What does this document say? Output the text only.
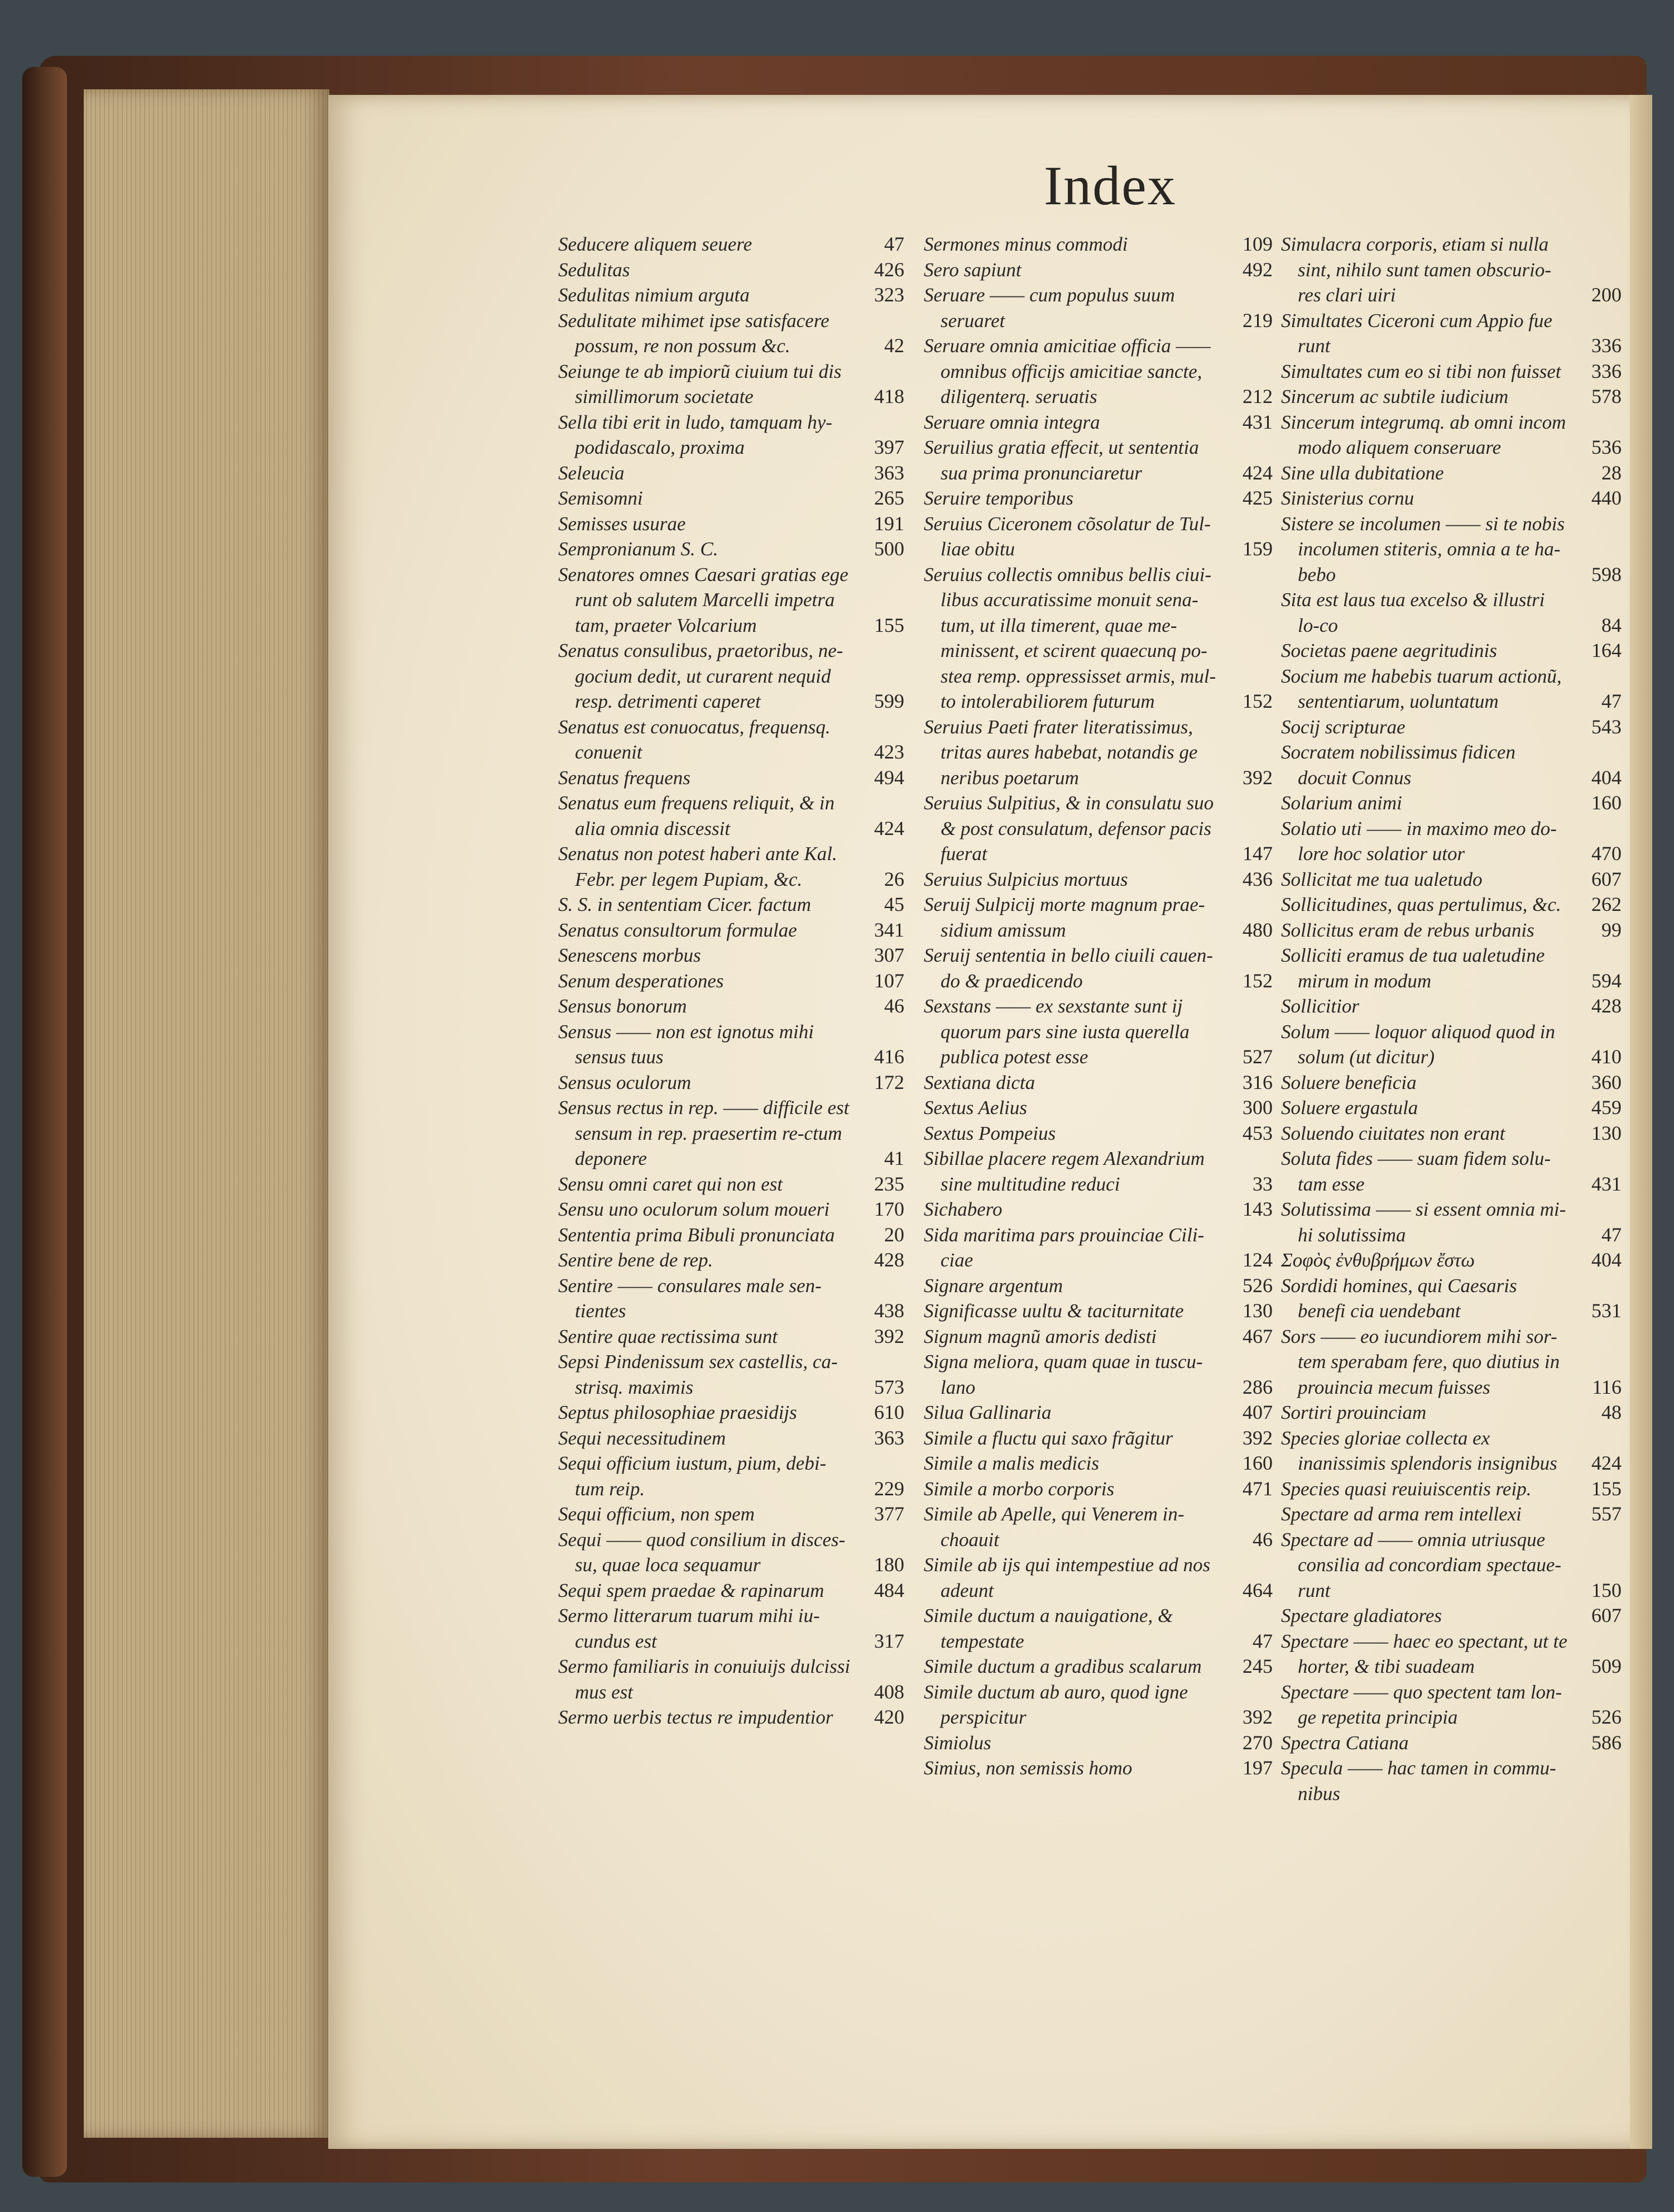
Index
Seducere aliquem seuere	47
Sedulitas	426
Sedulitas nimium arguta	323
Sedulitate mihimet ipse satisfacere possum, re non possum &c.	42
Seiunge te ab impiorũ ciuium tui dis simillimorum societate	418
Sella tibi erit in ludo, tamquam hy-podidascalo, proxima	397
Seleucia	363
Semisomni	265
Semisses usurae	191
Sempronianum S. C.	500
Senatores omnes Caesari gratias ege runt ob salutem Marcelli impetra tam, praeter Volcarium	155
Senatus consulibus, praetoribus, ne-gocium dedit, ut curarent nequid resp. detrimenti caperet	599
Senatus est conuocatus, frequensq. conuenit	423
Senatus frequens	494
Senatus eum frequens reliquit, & in alia omnia discessit	424
Senatus non potest haberi ante Kal. Febr. per legem Pupiam, &c.	26
S. S. in sententiam Cicer. factum	45
Senatus consultorum formulae	341
Senescens morbus	307
Senum desperationes	107
Sensus bonorum	46
Sensus —— non est ignotus mihi sensus tuus	416
Sensus oculorum	172
Sensus rectus in rep. —— difficile est sensum in rep. praesertim re-ctum deponere	41
Sensu omni caret qui non est	235
Sensu uno oculorum solum moueri	170
Sententia prima Bibuli pronunciata	20
Sentire bene de rep.	428
Sentire —— consulares male sen-tientes	438
Sentire quae rectissima sunt	392
Sepsi Pindenissum sex castellis, ca-strisq. maximis	573
Septus philosophiae praesidijs	610
Sequi necessitudinem	363
Sequi officium iustum, pium, debi-tum reip.	229
Sequi officium, non spem	377
Sequi —— quod consilium in disces-su, quae loca sequamur	180
Sequi spem praedae & rapinarum	484
Sermo litterarum tuarum mihi iu-cundus est	317
Sermo familiaris in conuiuijs dulcissi mus est	408
Sermo uerbis tectus re impudentior	420
Sermones minus commodi	109
Sero sapiunt	492
Seruare —— cum populus suum seruaret	219
Seruare omnia amicitiae officia —— omnibus officijs amicitiae sancte, diligenterq. seruatis	212
Seruare omnia integra	431
Seruilius gratia effecit, ut sententia sua prima pronunciaretur	424
Seruire temporibus	425
Seruius Ciceronem cõsolatur de Tul-liae obitu	159
Seruius collectis omnibus bellis ciui-libus accuratissime monuit sena-tum, ut illa timerent, quae me-minissent, et scirent quaecunq po-stea remp. oppressisset armis, mul-to intolerabiliorem futurum	152
Seruius Paeti frater literatissimus, tritas aures habebat, notandis ge neribus poetarum	392
Seruius Sulpitius, & in consulatu suo & post consulatum, defensor pacis fuerat	147
Seruius Sulpicius mortuus	436
Seruij Sulpicij morte magnum prae-sidium amissum	480
Seruij sententia in bello ciuili cauen-do & praedicendo	152
Sexstans —— ex sexstante sunt ij quorum pars sine iusta querella publica potest esse	527
Sextiana dicta	316
Sextus Aelius	300
Sextus Pompeius	453
Sibillae placere regem Alexandrium sine multitudine reduci	33
Sichabero	143
Sida maritima pars prouinciae Cili-ciae	124
Signare argentum	526
Significasse uultu & taciturnitate	130
Signum magnũ amoris dedisti	467
Signa meliora, quam quae in tuscu-lano	286
Silua Gallinaria	407
Simile a fluctu qui saxo frãgitur	392
Simile a malis medicis	160
Simile a morbo corporis	471
Simile ab Apelle, qui Venerem in-choauit	46
Simile ab ijs qui intempestiue ad nos adeunt	464
Simile ductum a nauigatione, & tempestate	47
Simile ductum a gradibus scalarum	245
Simile ductum ab auro, quod igne perspicitur	392
Simiolus	270
Simius, non semissis homo	197
Simulacra corporis, etiam si nulla sint, nihilo sunt tamen obscurio-res clari uiri	200
Simultates Ciceroni cum Appio fue runt	336
Simultates cum eo si tibi non fuisset	336
Sincerum ac subtile iudicium	578
Sincerum integrumq. ab omni incom modo aliquem conseruare	536
Sine ulla dubitatione	28
Sinisterius cornu	440
Sistere se incolumen —— si te nobis incolumen stiteris, omnia a te ha-bebo	598
Sita est laus tua excelso & illustri lo-co	84
Societas paene aegritudinis	164
Socium me habebis tuarum actionũ, sententiarum, uoluntatum	47
Socij scripturae	543
Socratem nobilissimus fidicen docuit Connus	404
Solarium animi	160
Solatio uti —— in maximo meo do-lore hoc solatior utor	470
Sollicitat me tua ualetudo	607
Sollicitudines, quas pertulimus, &c.	262
Sollicitus eram de rebus urbanis	99
Solliciti eramus de tua ualetudine mirum in modum	594
Sollicitior	428
Solum —— loquor aliquod quod in solum (ut dicitur)	410
Soluere beneficia	360
Soluere ergastula	459
Soluendo ciuitates non erant	130
Soluta fides —— suam fidem solu-tam esse	431
Solutissima —— si essent omnia mi-hi solutissima	47
Σοφὸς ἐνθυβρήμων ἔστω	404
Sordidi homines, qui Caesaris benefi cia uendebant	531
Sors —— eo iucundiorem mihi sor-tem sperabam fere, quo diutius in prouincia mecum fuisses	116
Sortiri prouinciam	48
Species gloriae collecta ex inanissimis splendoris insignibus	424
Species quasi reuiuiscentis reip.	155
Spectare ad arma rem intellexi	557
Spectare ad —— omnia utriusque consilia ad concordiam spectaue-runt	150
Spectare gladiatores	607
Spectare —— haec eo spectant, ut te horter, & tibi suadeam	509
Spectare —— quo spectent tam lon-ge repetita principia	526
Spectra Catiana	586
Specula —— hac tamen in commu-nibus
